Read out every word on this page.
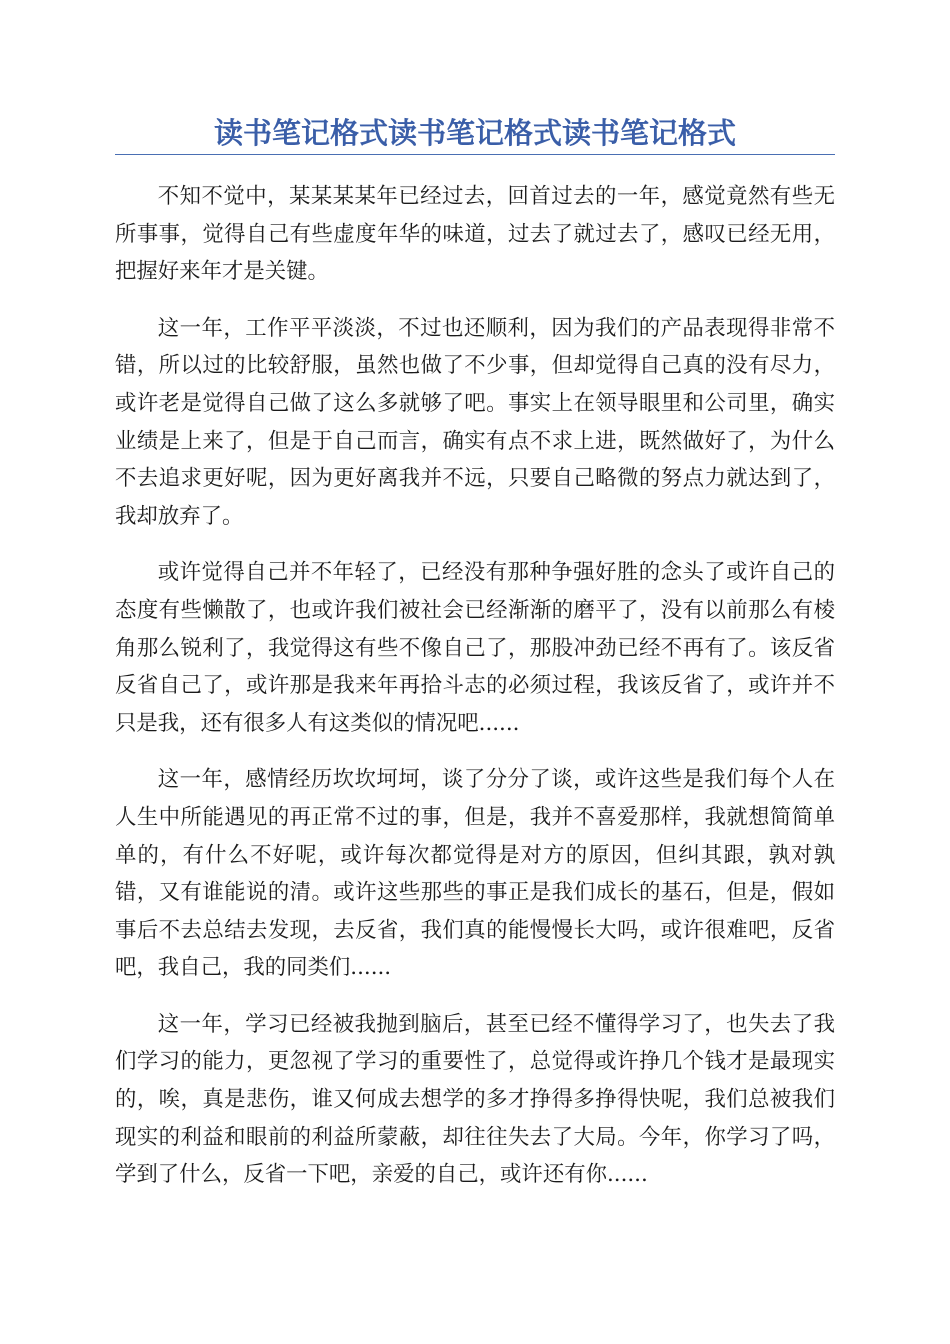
读书笔记格式读书笔记格式读书笔记格式

不知不觉中，某某某某年已经过去，回首过去的一年，感觉竟然有些无所事事，觉得自己有些虚度年华的味道，过去了就过去了，感叹已经无用，把握好来年才是关键。

这一年，工作平平淡淡，不过也还顺利，因为我们的产品表现得非常不错，所以过的比较舒服，虽然也做了不少事，但却觉得自己真的没有尽力，或许老是觉得自己做了这么多就够了吧。事实上在领导眼里和公司里，确实业绩是上来了，但是于自己而言，确实有点不求上进，既然做好了，为什么不去追求更好呢，因为更好离我并不远，只要自己略微的努点力就达到了，我却放弃了。

或许觉得自己并不年轻了，已经没有那种争强好胜的念头了或许自己的态度有些懒散了，也或许我们被社会已经渐渐的磨平了，没有以前那么有棱角那么锐利了，我觉得这有些不像自己了，那股冲劲已经不再有了。该反省反省自己了，或许那是我来年再拾斗志的必须过程，我该反省了，或许并不只是我，还有很多人有这类似的情况吧......

这一年，感情经历坎坎坷坷，谈了分分了谈，或许这些是我们每个人在人生中所能遇见的再正常不过的事，但是，我并不喜爱那样，我就想简简单单的，有什么不好呢，或许每次都觉得是对方的原因，但纠其跟，孰对孰错，又有谁能说的清。或许这些那些的事正是我们成长的基石，但是，假如事后不去总结去发现，去反省，我们真的能慢慢长大吗，或许很难吧，反省吧，我自己，我的同类们......

这一年，学习已经被我抛到脑后，甚至已经不懂得学习了，也失去了我们学习的能力，更忽视了学习的重要性了，总觉得或许挣几个钱才是最现实的，唉，真是悲伤，谁又何成去想学的多才挣得多挣得快呢，我们总被我们现实的利益和眼前的利益所蒙蔽，却往往失去了大局。今年，你学习了吗，学到了什么，反省一下吧，亲爱的自己，或许还有你......
